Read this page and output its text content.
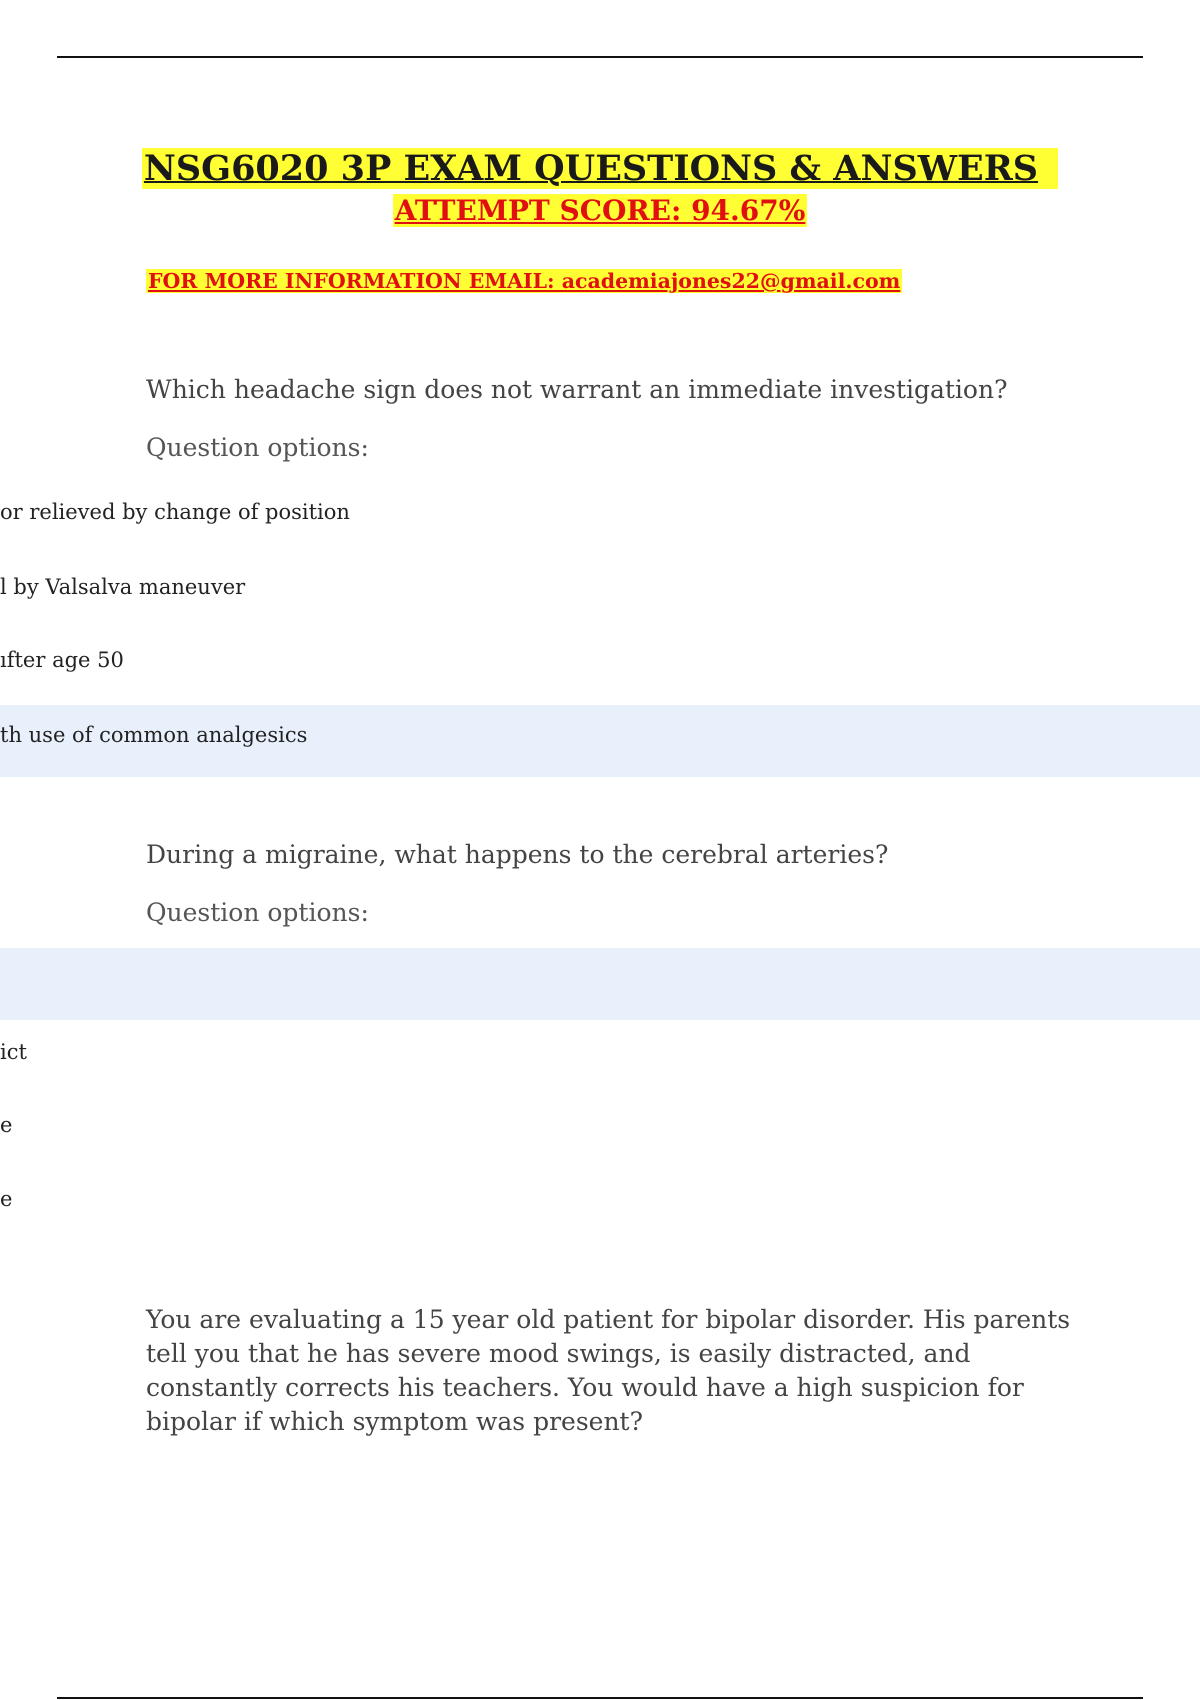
NSG6020 3P EXAM QUESTIONS & ANSWERS
ATTEMPT SCORE: 94.67%
FOR MORE INFORMATION EMAIL: academiajones22@gmail.com
Which headache sign does not warrant an immediate investigation?
Question options:
or relieved by change of position
l by Valsalva maneuver
ıfter age 50
th use of common analgesics
During a migraine, what happens to the cerebral arteries?
Question options:
ict
e
e
You are evaluating a 15 year old patient for bipolar disorder. His parents tell you that he has severe mood swings, is easily distracted, and constantly corrects his teachers. You would have a high suspicion for bipolar if which symptom was present?
